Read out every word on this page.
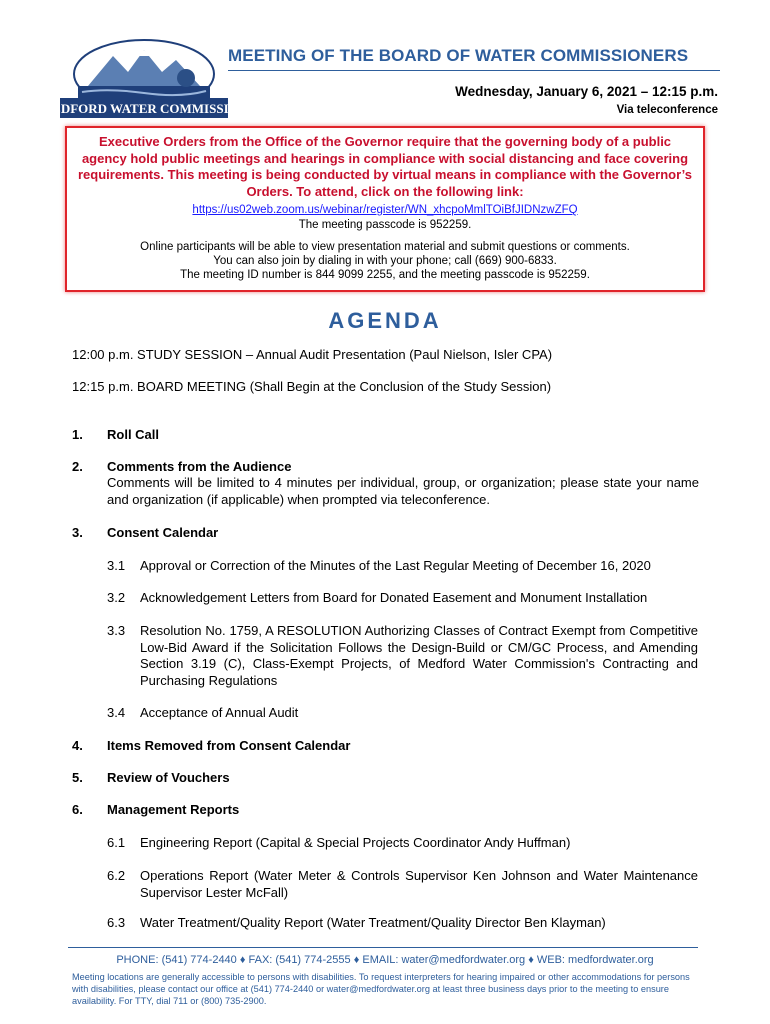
MEDFORD WATER COMMISSION
MEETING OF THE BOARD OF WATER COMMISSIONERS
Wednesday, January 6, 2021 – 12:15 p.m.
Via teleconference
Executive Orders from the Office of the Governor require that the governing body of a public agency hold public meetings and hearings in compliance with social distancing and face covering requirements. This meeting is being conducted by virtual means in compliance with the Governor’s Orders. To attend, click on the following link:
https://us02web.zoom.us/webinar/register/WN_xhcpoMmlTOiBfJIDNzwZFQ
The meeting passcode is 952259.
Online participants will be able to view presentation material and submit questions or comments.
You can also join by dialing in with your phone; call (669) 900-6833.
The meeting ID number is 844 9099 2255, and the meeting passcode is 952259.
AGENDA
12:00 p.m. STUDY SESSION – Annual Audit Presentation (Paul Nielson, Isler CPA)
12:15 p.m. BOARD MEETING (Shall Begin at the Conclusion of the Study Session)
1. Roll Call
2. Comments from the Audience
Comments will be limited to 4 minutes per individual, group, or organization; please state your name and organization (if applicable) when prompted via teleconference.
3. Consent Calendar
3.1 Approval or Correction of the Minutes of the Last Regular Meeting of December 16, 2020
3.2 Acknowledgement Letters from Board for Donated Easement and Monument Installation
3.3 Resolution No. 1759, A RESOLUTION Authorizing Classes of Contract Exempt from Competitive Low-Bid Award if the Solicitation Follows the Design-Build or CM/GC Process, and Amending Section 3.19 (C), Class-Exempt Projects, of Medford Water Commission's Contracting and Purchasing Regulations
3.4 Acceptance of Annual Audit
4. Items Removed from Consent Calendar
5. Review of Vouchers
6. Management Reports
6.1 Engineering Report (Capital & Special Projects Coordinator Andy Huffman)
6.2 Operations Report (Water Meter & Controls Supervisor Ken Johnson and Water Maintenance Supervisor Lester McFall)
6.3 Water Treatment/Quality Report (Water Treatment/Quality Director Ben Klayman)
PHONE: (541) 774-2440 ♦ FAX: (541) 774-2555 ♦ EMAIL: water@medfordwater.org ♦ WEB: medfordwater.org
Meeting locations are generally accessible to persons with disabilities. To request interpreters for hearing impaired or other accommodations for persons with disabilities, please contact our office at (541) 774-2440 or water@medfordwater.org at least three business days prior to the meeting to ensure availability. For TTY, dial 711 or (800) 735-2900.
